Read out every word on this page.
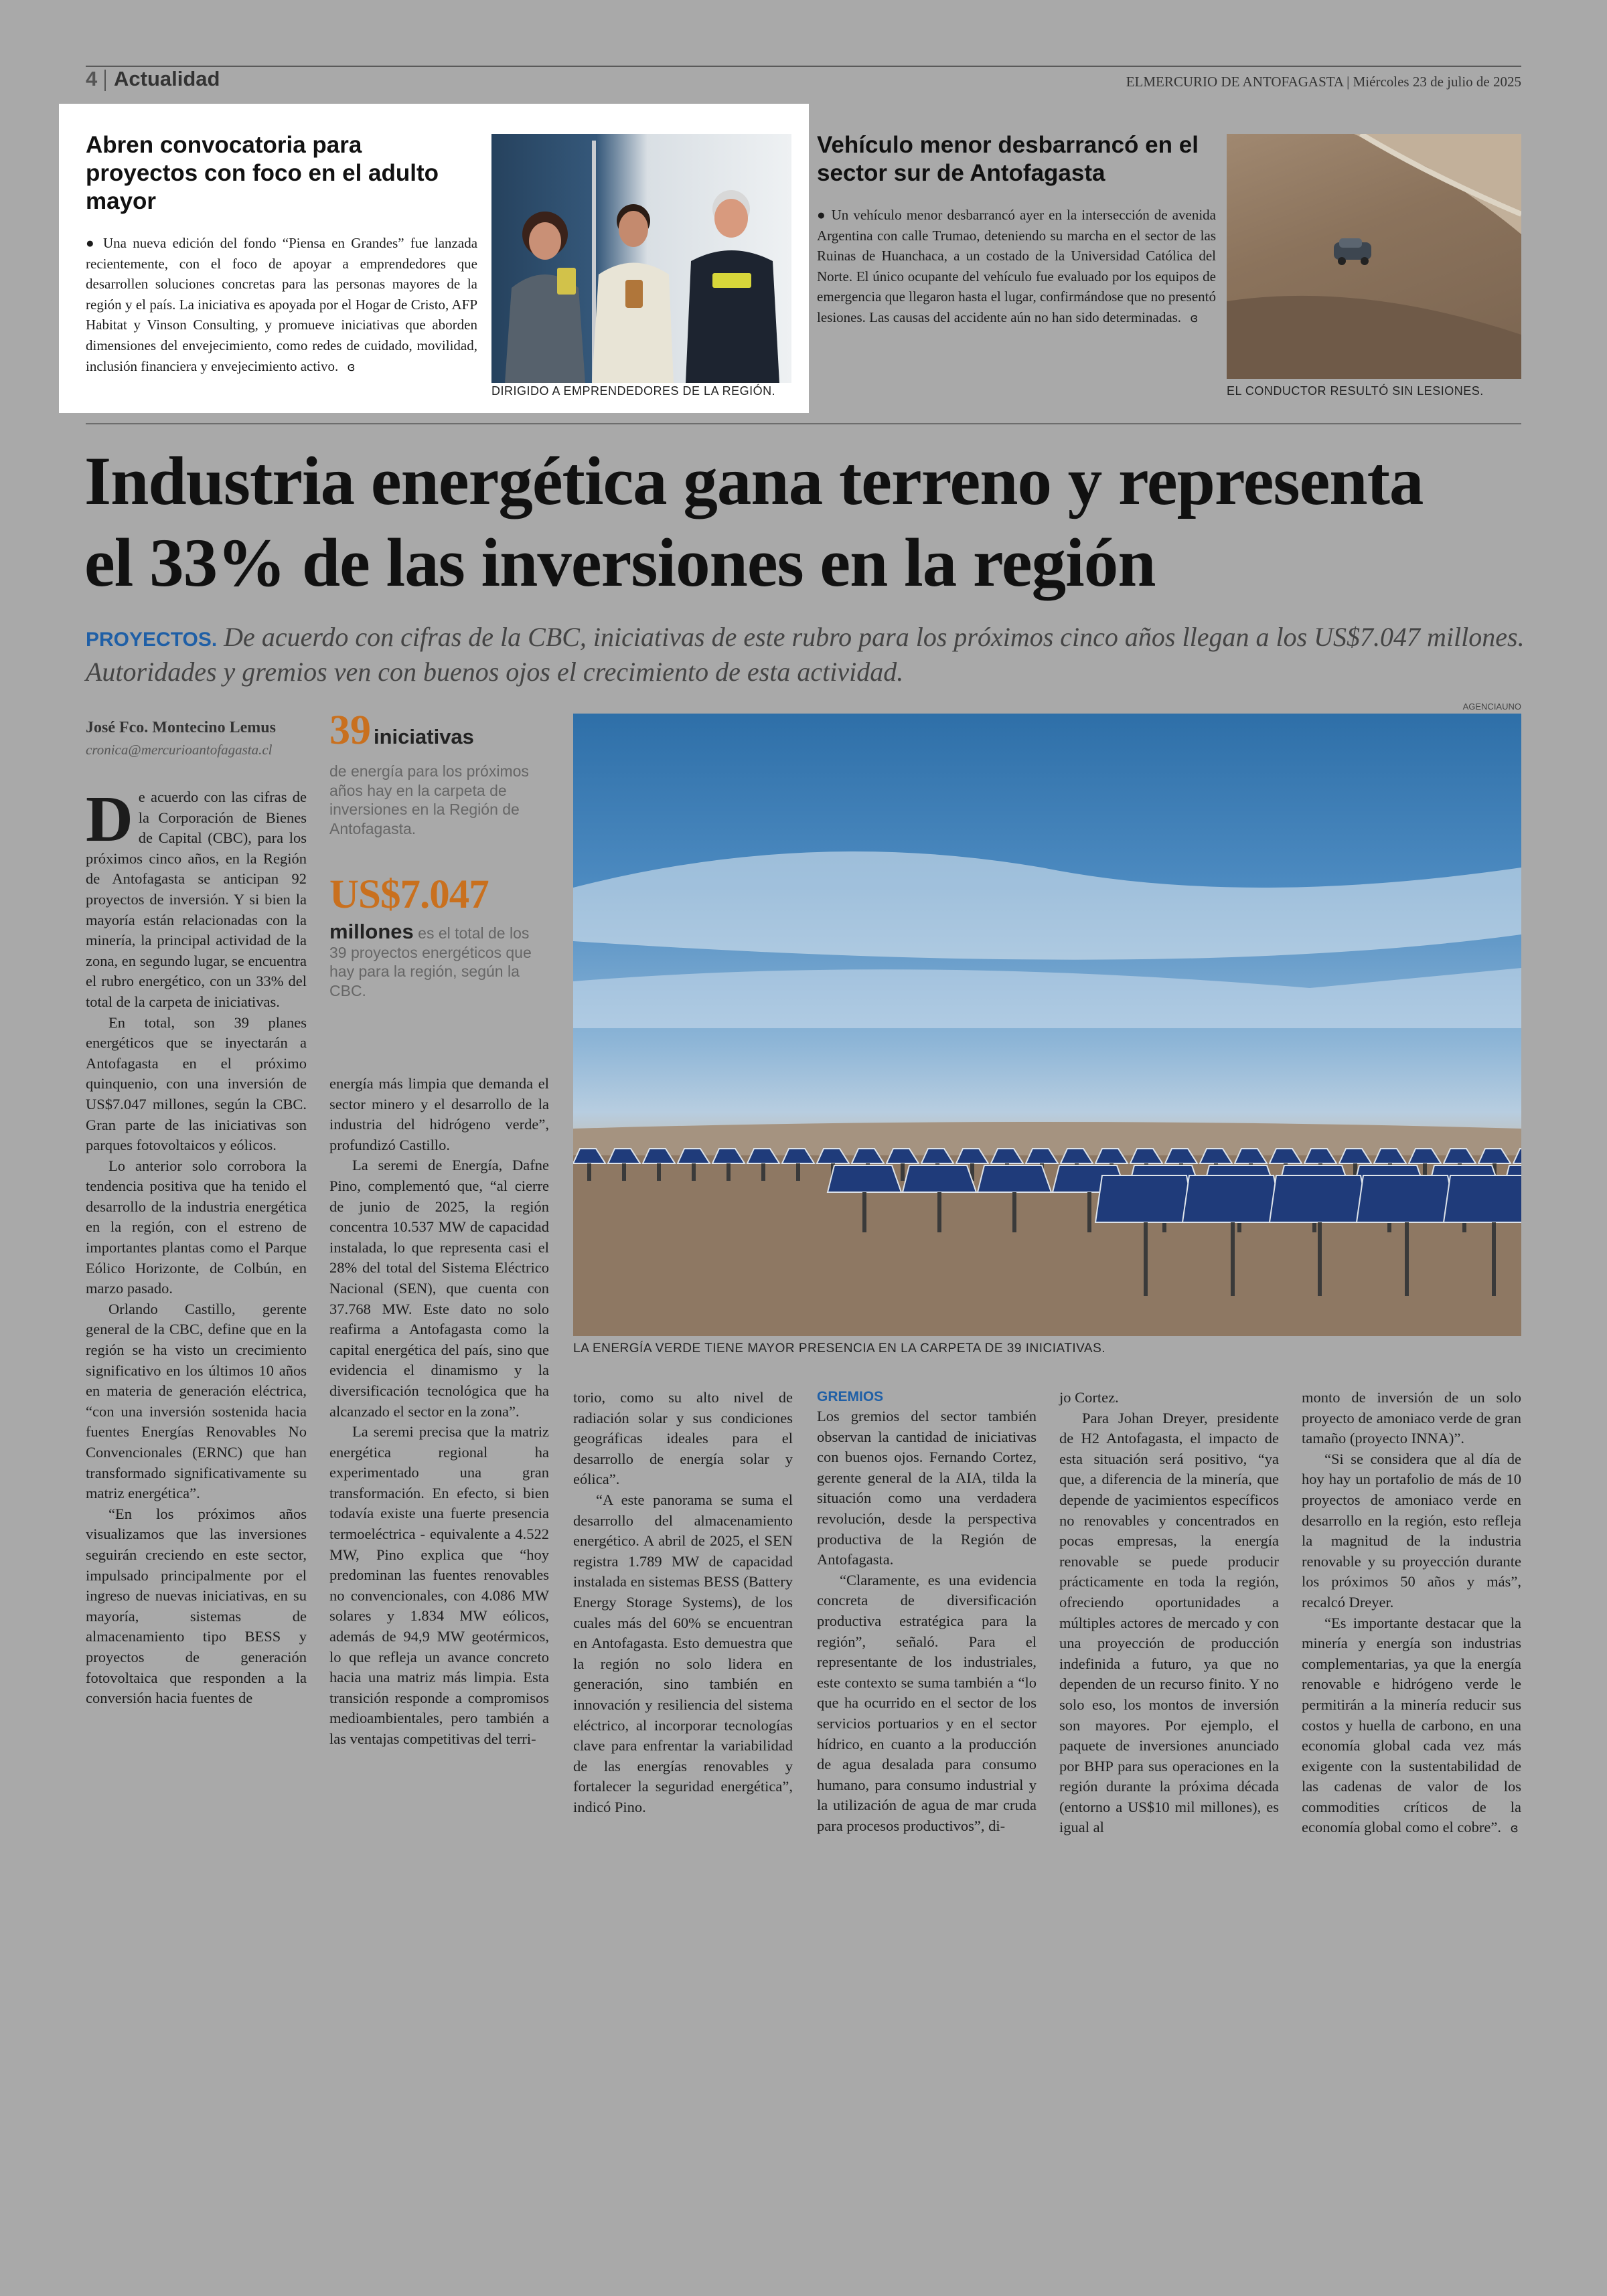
4 Actualidad	ELMERCURIO DE ANTOFAGASTA | Miércoles 23 de julio de 2025
Abren convocatoria para proyectos con foco en el adulto mayor

● Una nueva edición del fondo “Piensa en Grandes” fue lanzada recientemente, con el foco de apoyar a emprendedores que desarrollen soluciones concretas para las personas mayores de la región y el país. La iniciativa es apoyada por el Hogar de Cristo, AFP Habitat y Vinson Consulting, y promueve iniciativas que aborden dimensiones del envejecimiento, como redes de cuidado, movilidad, inclusión financiera y envejecimiento activo. ɞ

DIRIGIDO A EMPRENDEDORES DE LA REGIÓN.
Vehículo menor desbarrancó en el sector sur de Antofagasta

● Un vehículo menor desbarrancó ayer en la intersección de avenida Argentina con calle Trumao, deteniendo su marcha en el sector de las Ruinas de Huanchaca, a un costado de la Universidad Católica del Norte. El único ocupante del vehículo fue evaluado por los equipos de emergencia que llegaron hasta el lugar, confirmándose que no presentó lesiones. Las causas del accidente aún no han sido determinadas. ɞ

EL CONDUCTOR RESULTÓ SIN LESIONES.
Industria energética gana terreno y representa
el 33% de las inversiones en la región
PROYECTOS. De acuerdo con cifras de la CBC, iniciativas de este rubro para los próximos cinco años llegan a los US$7.047 millones. Autoridades y gremios ven con buenos ojos el crecimiento de esta actividad.
José Fco. Montecino Lemus
cronica@mercurioantofagasta.cl 39 iniciativas
de energía para los próximos años hay en la carpeta de inversiones en la Región de Antofagasta.
US$7.047
millones es el total de los 39 proyectos energéticos que hay para la región, según la CBC.
AGENCIAUNO
LA ENERGÍA VERDE TIENE MAYOR PRESENCIA EN LA CARPETA DE 39 INICIATIVAS.

D e acuerdo con las cifras de la Corporación de Bienes de Capital (CBC), para los próximos cinco años, en la Región de Antofagasta se anticipan 92 proyectos de inversión. Y si bien la mayoría están relacionadas con la minería, la principal actividad de la zona, en segundo lugar, se encuentra el rubro energético, con un 33% del total de la carpeta de iniciativas.

En total, son 39 planes energéticos que se inyectarán a Antofagasta en el próximo quinquenio, con una inversión de US$7.047 millones, según la CBC. Gran parte de las iniciativas son parques fotovoltaicos y eólicos.

Lo anterior solo corrobora la tendencia positiva que ha tenido el desarrollo de la industria energética en la región, con el estreno de importantes plantas como el Parque Eólico Horizonte, de Colbún, en marzo pasado.

Orlando Castillo, gerente general de la CBC, define que en la región se ha visto un crecimiento significativo en los últimos 10 años en materia de generación eléctrica, “con una inversión sostenida hacia fuentes Energías Renovables No Convencionales (ERNC) que han transformado significativamente su matriz energética”.

“En los próximos años visualizamos que las inversiones seguirán creciendo en este sector, impulsado principalmente por el ingreso de nuevas iniciativas, en su mayoría, sistemas de almacenamiento tipo BESS y proyectos de generación fotovoltaica que responden a la conversión hacia fuentes de

energía más limpia que demanda el sector minero y el desarrollo de la industria del hidrógeno verde”, profundizó Castillo.

La seremi de Energía, Dafne Pino, complementó que, “al cierre de junio de 2025, la región concentra 10.537 MW de capacidad instalada, lo que representa casi el 28% del total del Sistema Eléctrico Nacional (SEN), que cuenta con 37.768 MW. Este dato no solo reafirma a Antofagasta como la capital energética del país, sino que evidencia el dinamismo y la diversificación tecnológica que ha alcanzado el sector en la zona”.

La seremi precisa que la matriz energética regional ha experimentado una gran transformación. En efecto, si bien todavía existe una fuerte presencia termoeléctrica - equivalente a 4.522 MW, Pino explica que “hoy predominan las fuentes renovables no convencionales, con 4.086 MW solares y 1.834 MW eólicos, además de 94,9 MW geotérmicos, lo que refleja un avance concreto hacia una matriz más limpia. Esta transición responde a compromisos medioambientales, pero también a las ventajas competitivas del terri-

torio, como su alto nivel de radiación solar y sus condiciones geográficas ideales para el desarrollo de energía solar y eólica”.

“A este panorama se suma el desarrollo del almacenamiento energético. A abril de 2025, el SEN registra 1.789 MW de capacidad instalada en sistemas BESS (Battery Energy Storage Systems), de los cuales más del 60% se encuentran en Antofagasta. Esto demuestra que la región no solo lidera en generación, sino también en innovación y resiliencia del sistema eléctrico, al incorporar tecnologías clave para enfrentar la variabilidad de las energías renovables y fortalecer la seguridad energética”, indicó Pino.

GREMIOS

Los gremios del sector también observan la cantidad de iniciativas con buenos ojos. Fernando Cortez, gerente general de la AIA, tilda la situación como una verdadera revolución, desde la perspectiva productiva de la Región de Antofagasta.

“Claramente, es una evidencia concreta de diversificación productiva estratégica para la región”, señaló. Para el representante de los industriales, este contexto se suma también a “lo que ha ocurrido en el sector de los servicios portuarios y en el sector hídrico, en cuanto a la producción de agua desalada para consumo humano, para consumo industrial y la utilización de agua de mar cruda para procesos productivos”, di-

jo Cortez.

Para Johan Dreyer, presidente de H2 Antofagasta, el impacto de esta situación será positivo, “ya que, a diferencia de la minería, que depende de yacimientos específicos no renovables y concentrados en pocas empresas, la energía renovable se puede producir prácticamente en toda la región, ofreciendo oportunidades a múltiples actores de mercado y con una proyección de producción indefinida a futuro, ya que no dependen de un recurso finito. Y no solo eso, los montos de inversión son mayores. Por ejemplo, el paquete de inversiones anunciado por BHP para sus operaciones en la región durante la próxima década (entorno a US$10 mil millones), es igual al

monto de inversión de un solo proyecto de amoniaco verde de gran tamaño (proyecto INNA)”.

“Si se considera que al día de hoy hay un portafolio de más de 10 proyectos de amoniaco verde en desarrollo en la región, esto refleja la magnitud de la industria renovable y su proyección durante los próximos 50 años y más”, recalcó Dreyer.

“Es importante destacar que la minería y energía son industrias complementarias, ya que la energía renovable e hidrógeno verde le permitirán a la minería reducir sus costos y huella de carbono, en una economía global cada vez más exigente con la sustentabilidad de las cadenas de valor de los commodities críticos de la economía global como el cobre”. ɞ
